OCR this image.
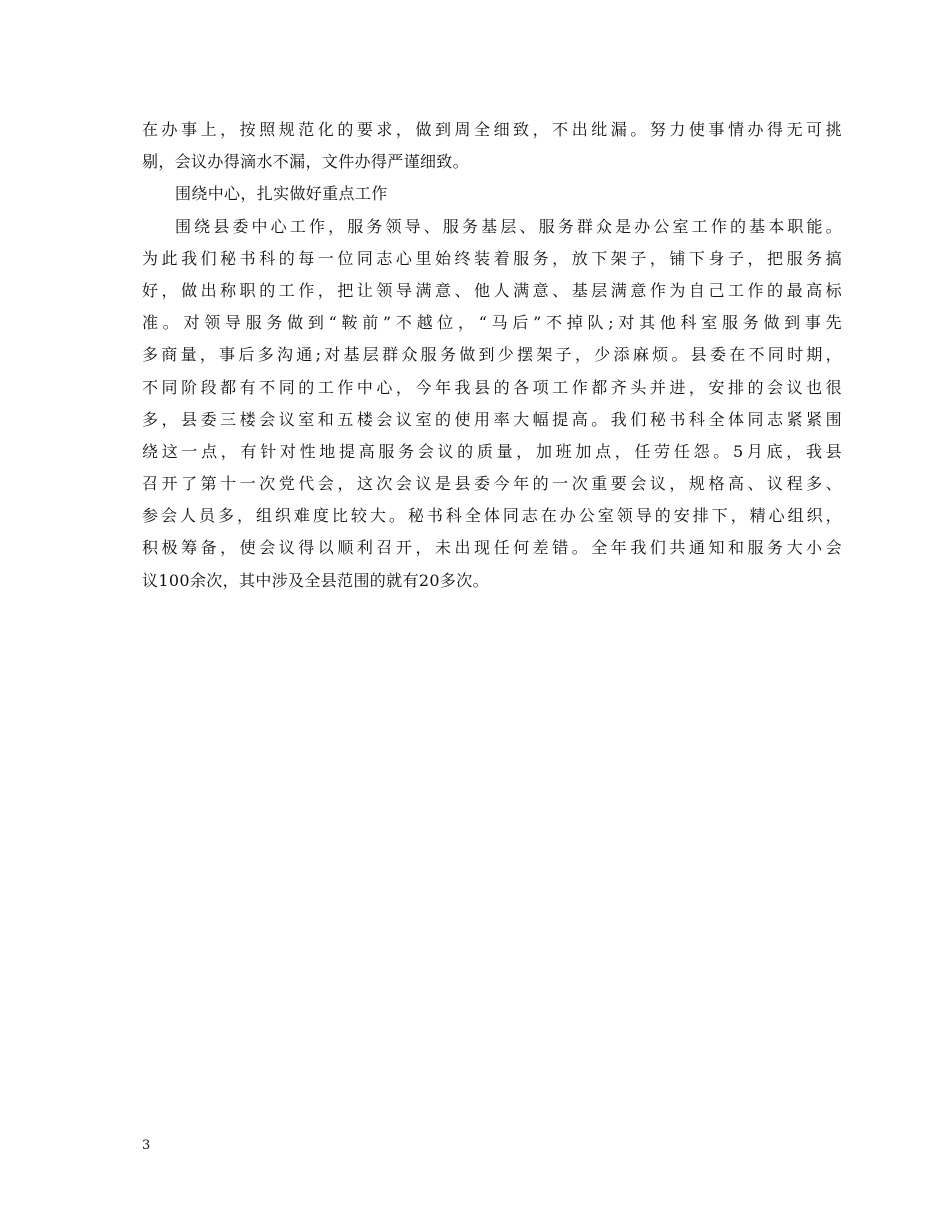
在办事上，按照规范化的要求，做到周全细致，不出纰漏。努力使事情办得无可挑
剔，会议办得滴水不漏，文件办得严谨细致。
围绕中心，扎实做好重点工作
围绕县委中心工作，服务领导、服务基层、服务群众是办公室工作的基本职能。
为此我们秘书科的每一位同志心里始终装着服务，放下架子，铺下身子，把服务搞
好，做出称职的工作，把让领导满意、他人满意、基层满意作为自己工作的最高标
准。对领导服务做到“鞍前”不越位，“马后”不掉队;对其他科室服务做到事先
多商量，事后多沟通;对基层群众服务做到少摆架子，少添麻烦。县委在不同时期，
不同阶段都有不同的工作中心，今年我县的各项工作都齐头并进，安排的会议也很
多，县委三楼会议室和五楼会议室的使用率大幅提高。我们秘书科全体同志紧紧围
绕这一点，有针对性地提高服务会议的质量，加班加点，任劳任怨。5月底，我县
召开了第十一次党代会，这次会议是县委今年的一次重要会议，规格高、议程多、
参会人员多，组织难度比较大。秘书科全体同志在办公室领导的安排下，精心组织，
积极筹备，使会议得以顺利召开，未出现任何差错。全年我们共通知和服务大小会
议100余次，其中涉及全县范围的就有20多次。
3
